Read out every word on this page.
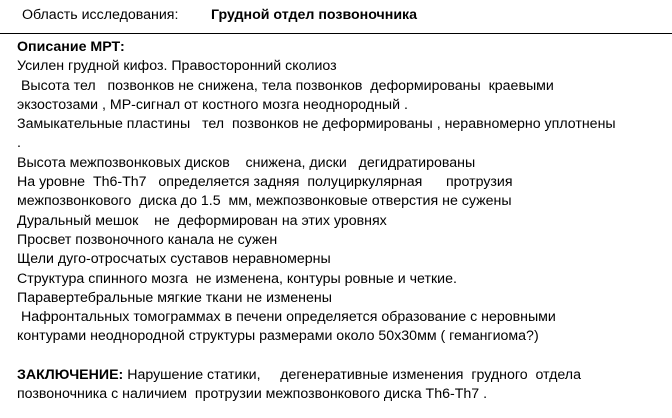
Область исследования: Грудной отдел позвоночника
Описание МРТ:
Усилен грудной кифоз. Правосторонний сколиоз
Высота тел   позвонков не снижена, тела позвонков  деформированы  краевыми
экзостозами , МР-сигнал от костного мозга неоднородный .
Замыкательные пластины   тел  позвонков не деформированы , неравномерно уплотнены
.
Высота межпозвонковых дисков    снижена, диски   дегидратированы
На уровне  Th6-Th7   определяется задняя  полуциркулярная      протрузия
межпозвонкового  диска до 1.5  мм, межпозвонковые отверстия не сужены
Дуральный мешок    не  деформирован на этих уровнях
Просвет позвоночного канала не сужен
Щели дуго-отросчатых суставов неравномерны
Структура спинного мозга  не изменена, контуры ровные и четкие.
Паравертебральные мягкие ткани не изменены
Нафронтальных томограммах в печени определяется образование с неровными
контурами неоднородной структуры размерами около 50х30мм ( гемангиома?)
ЗАКЛЮЧЕНИЕ: Нарушение статики,     дегенеративные изменения  грудного  отдела
позвоночника с наличием  протрузии межпозвонкового диска Th6-Th7 .
